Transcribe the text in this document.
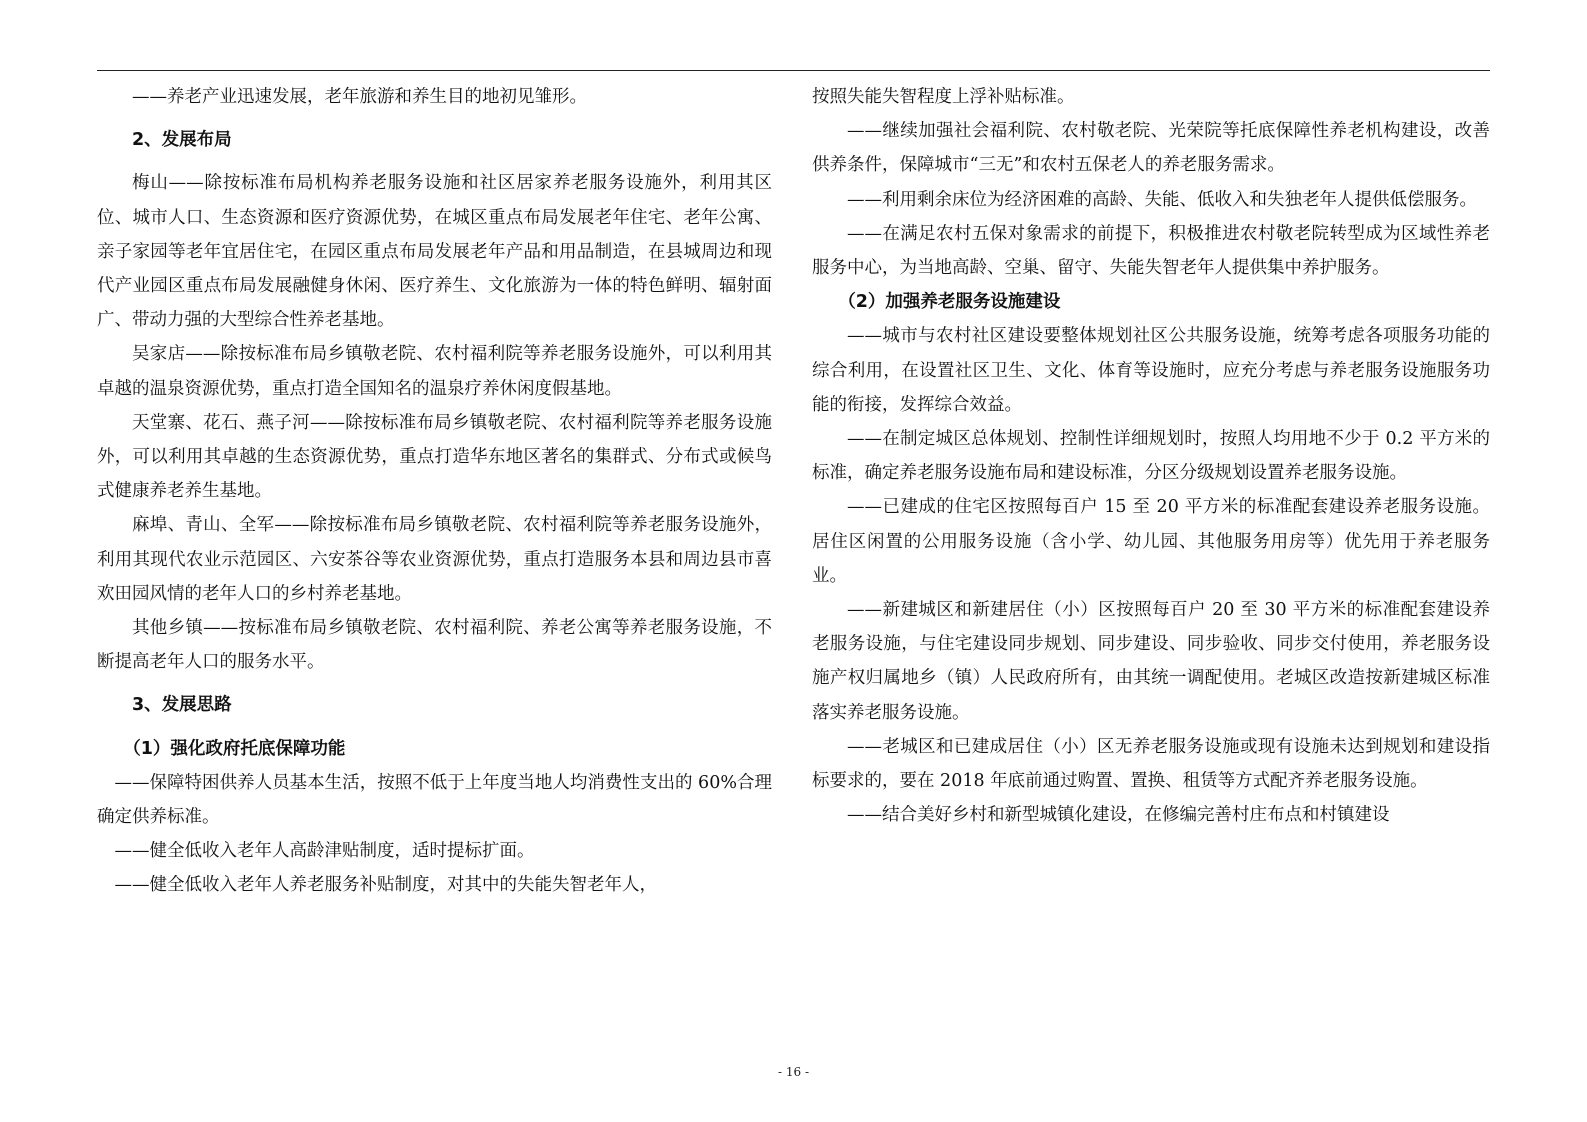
——养老产业迅速发展，老年旅游和养生目的地初见雏形。

2、发展布局

梅山——除按标准布局机构养老服务设施和社区居家养老服务设施外，利用其区位、城市人口、生态资源和医疗资源优势，在城区重点布局发展老年住宅、老年公寓、亲子家园等老年宜居住宅，在园区重点布局发展老年产品和用品制造，在县城周边和现代产业园区重点布局发展融健身休闲、医疗养生、文化旅游为一体的特色鲜明、辐射面广、带动力强的大型综合性养老基地。

吴家店——除按标准布局乡镇敬老院、农村福利院等养老服务设施外，可以利用其卓越的温泉资源优势，重点打造全国知名的温泉疗养休闲度假基地。

天堂寨、花石、燕子河——除按标准布局乡镇敬老院、农村福利院等养老服务设施外，可以利用其卓越的生态资源优势，重点打造华东地区著名的集群式、分布式或候鸟式健康养老养生基地。

麻埠、青山、全军——除按标准布局乡镇敬老院、农村福利院等养老服务设施外，利用其现代农业示范园区、六安茶谷等农业资源优势，重点打造服务本县和周边县市喜欢田园风情的老年人口的乡村养老基地。

其他乡镇——按标准布局乡镇敬老院、农村福利院、养老公寓等养老服务设施，不断提高老年人口的服务水平。

3、发展思路
（1）强化政府托底保障功能

——保障特困供养人员基本生活，按照不低于上年度当地人均消费性支出的 60%合理确定供养标准。

——健全低收入老年人高龄津贴制度，适时提标扩面。

——健全低收入老年人养老服务补贴制度，对其中的失能失智老年人，

按照失能失智程度上浮补贴标准。

——继续加强社会福利院、农村敬老院、光荣院等托底保障性养老机构建设，改善供养条件，保障城市“三无”和农村五保老人的养老服务需求。

——利用剩余床位为经济困难的高龄、失能、低收入和失独老年人提供低偿服务。

——在满足农村五保对象需求的前提下，积极推进农村敬老院转型成为区域性养老服务中心，为当地高龄、空巢、留守、失能失智老年人提供集中养护服务。

（2）加强养老服务设施建设

——城市与农村社区建设要整体规划社区公共服务设施，统筹考虑各项服务功能的综合利用，在设置社区卫生、文化、体育等设施时，应充分考虑与养老服务设施服务功能的衔接，发挥综合效益。

——在制定城区总体规划、控制性详细规划时，按照人均用地不少于 0.2 平方米的标准，确定养老服务设施布局和建设标准，分区分级规划设置养老服务设施。

——已建成的住宅区按照每百户 15 至 20 平方米的标准配套建设养老服务设施。居住区闲置的公用服务设施（含小学、幼儿园、其他服务用房等）优先用于养老服务业。

——新建城区和新建居住（小）区按照每百户 20 至 30 平方米的标准配套建设养老服务设施，与住宅建设同步规划、同步建设、同步验收、同步交付使用，养老服务设施产权归属地乡（镇）人民政府所有，由其统一调配使用。老城区改造按新建城区标准落实养老服务设施。

——老城区和已建成居住（小）区无养老服务设施或现有设施未达到规划和建设指标要求的，要在 2018 年底前通过购置、置换、租赁等方式配齐养老服务设施。

——结合美好乡村和新型城镇化建设，在修编完善村庄布点和村镇建设

- 16 -
